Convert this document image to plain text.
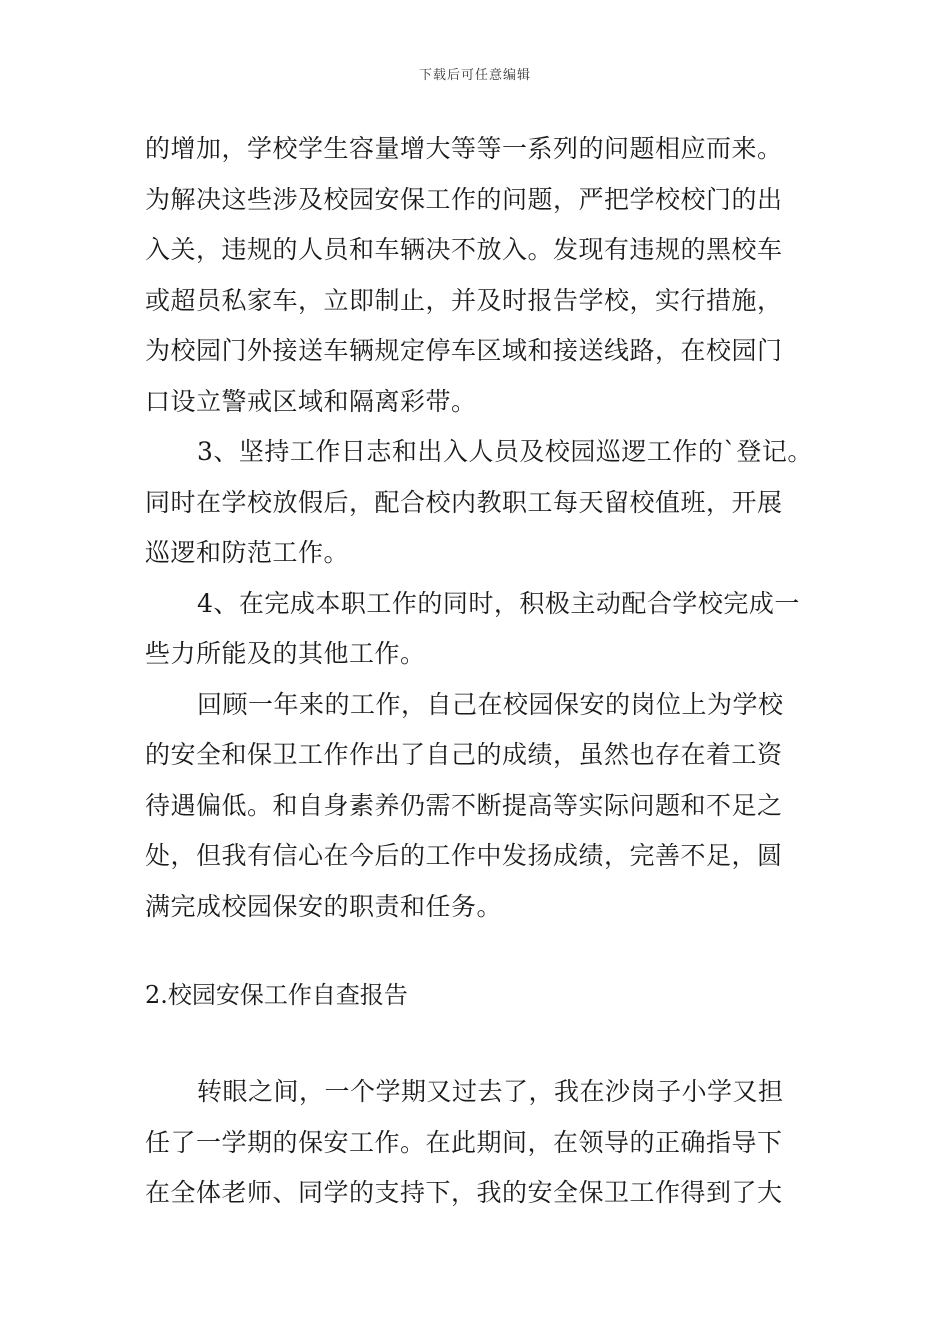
下载后可任意编辑
的增加，学校学生容量增大等等一系列的问题相应而来。
为解决这些涉及校园安保工作的问题，严把学校校门的出
入关，违规的人员和车辆决不放入。发现有违规的黑校车
或超员私家车，立即制止，并及时报告学校，实行措施，
为校园门外接送车辆规定停车区域和接送线路，在校园门
口设立警戒区域和隔离彩带。
3、坚持工作日志和出入人员及校园巡逻工作的`登记。
同时在学校放假后，配合校内教职工每天留校值班，开展
巡逻和防范工作。
4、在完成本职工作的同时，积极主动配合学校完成一
些力所能及的其他工作。
回顾一年来的工作，自己在校园保安的岗位上为学校
的安全和保卫工作作出了自己的成绩，虽然也存在着工资
待遇偏低。和自身素养仍需不断提高等实际问题和不足之
处，但我有信心在今后的工作中发扬成绩，完善不足，圆
满完成校园保安的职责和任务。
2.校园安保工作自查报告
转眼之间，一个学期又过去了，我在沙岗子小学又担
任了一学期的保安工作。在此期间，在领导的正确指导下
在全体老师、同学的支持下，我的安全保卫工作得到了大
